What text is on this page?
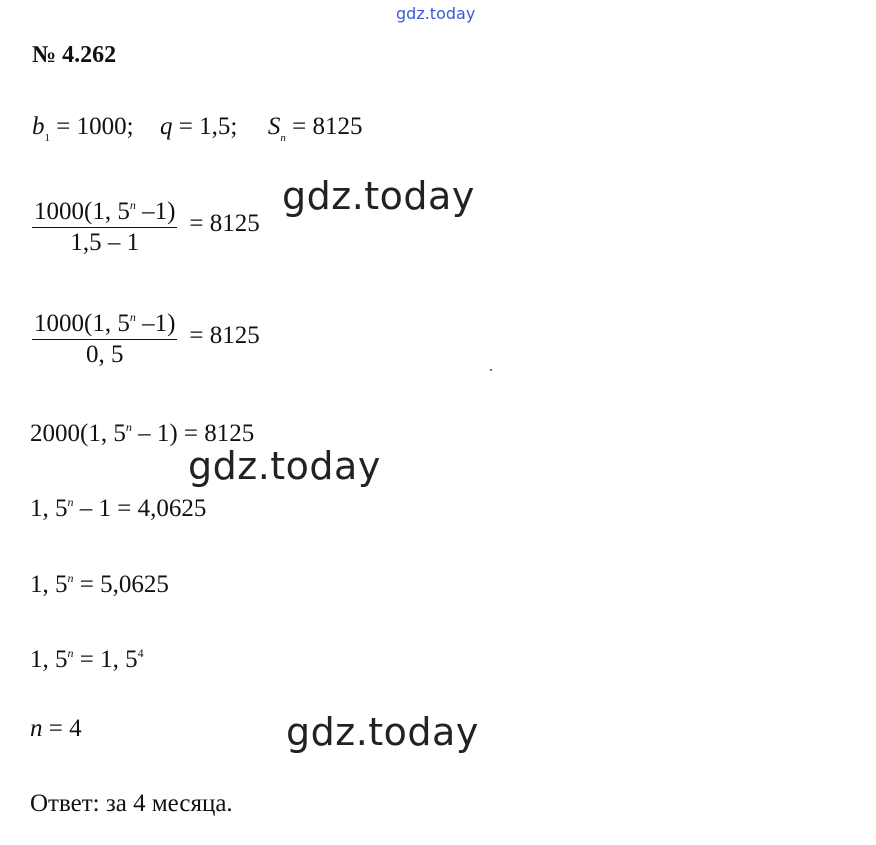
gdz.today
№ 4.262
$b_1 = 1000$; q = 1,5; $S_n = 8125$
$\frac{1000(1, 5^n -1)}{1,5 - 1} = 8125$
gdz.today
$\frac{1000(1, 5^n -1)}{0, 5} = 8125$
2000(1, 5$^n$ – 1) = 8125
gdz.today
1, 5$^n$ – 1 = 4,0625
1, $5^n = 5,0625$
1, $5^n = 1$, $5^4$
n = 4	gdz.today
Ответ: за 4 месяца.
